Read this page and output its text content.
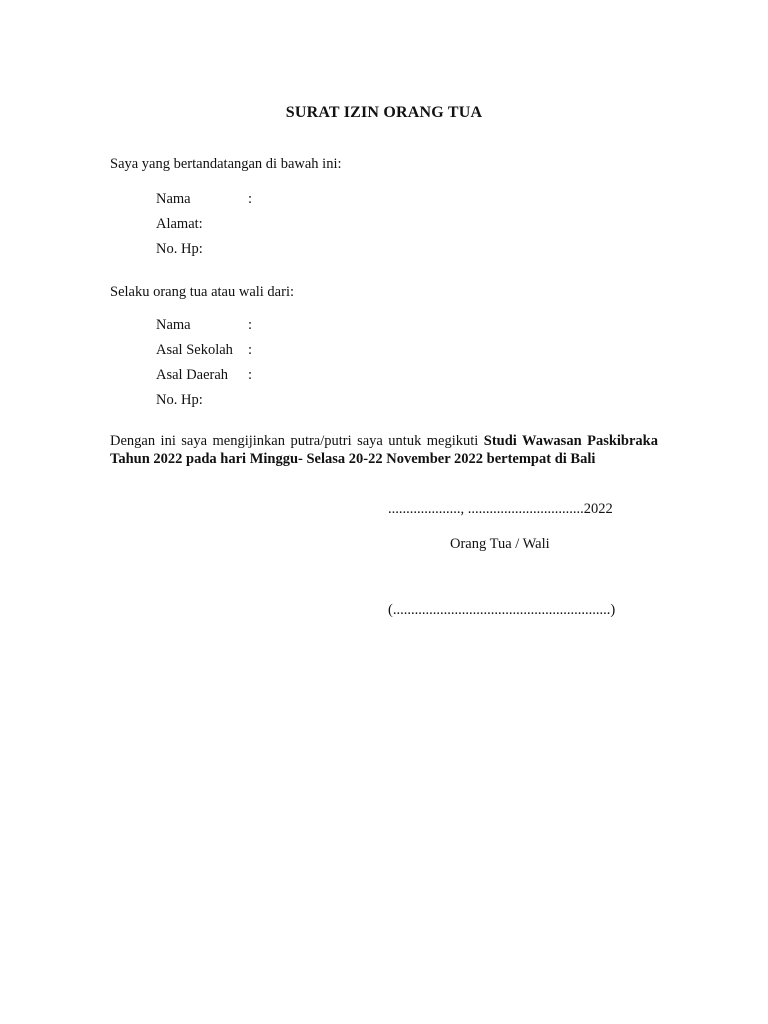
SURAT IZIN ORANG TUA
Saya yang bertandatangan di bawah ini:
Nama	:
Alamat:
No. Hp:
Selaku orang tua atau wali dari:
Nama	:
Asal Sekolah	:
Asal Daerah	:
No. Hp:
Dengan ini saya mengijinkan putra/putri saya untuk megikuti Studi Wawasan Paskibraka Tahun 2022 pada hari Minggu- Selasa 20-22 November 2022 bertempat di Bali
...................., ................................2022
Orang Tua / Wali
(............................................................)
